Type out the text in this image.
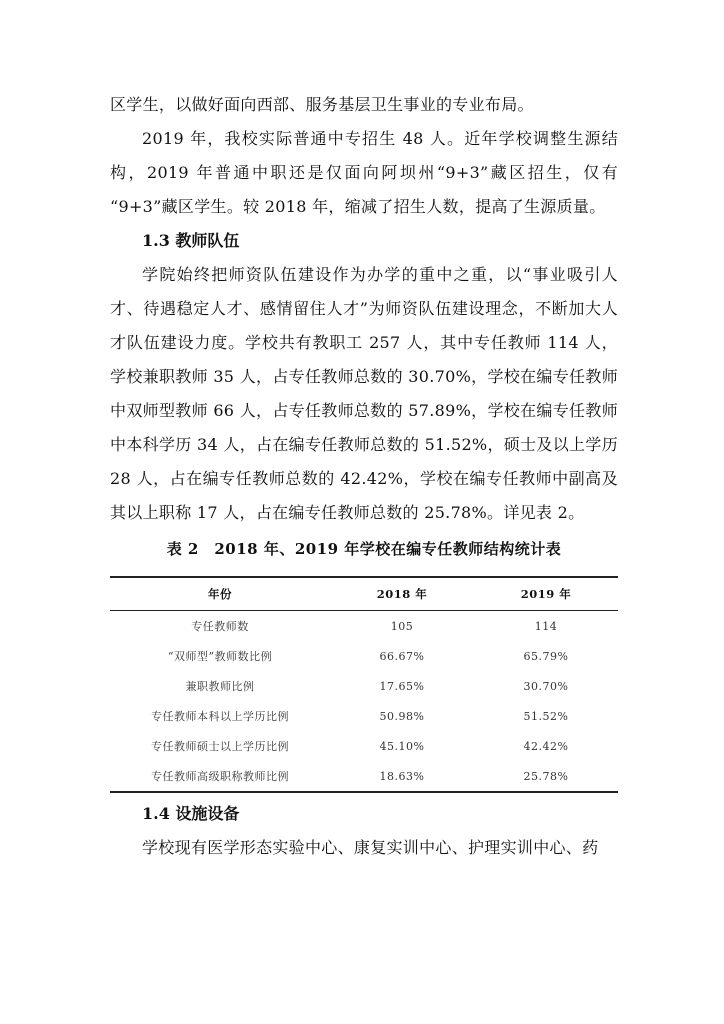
区学生，以做好面向西部、服务基层卫生事业的专业布局。

2019 年，我校实际普通中专招生 48 人。近年学校调整生源结构，2019 年普通中职还是仅面向阿坝州“9+3”藏区招生，仅有 “9+3”藏区学生。较 2018 年，缩减了招生人数，提高了生源质量。

1.3 教师队伍

学院始终把师资队伍建设作为办学的重中之重，以“事业吸引人才、待遇稳定人才、感情留住人才”为师资队伍建设理念，不断加大人才队伍建设力度。学校共有教职工 257 人，其中专任教师 114 人，学校兼职教师 35 人，占专任教师总数的 30.70%，学校在编专任教师中双师型教师 66 人，占专任教师总数的 57.89%，学校在编专任教师中本科学历 34 人，占在编专任教师总数的 51.52%，硕士及以上学历 28 人，占在编专任教师总数的 42.42%，学校在编专任教师中副高及其以上职称 17 人，占在编专任教师总数的 25.78%。详见表 2。

表 2　2018 年、2019 年学校在编专任教师结构统计表
年份	2018 年	2019 年
专任教师数	105	114
“双师型”教师数比例	66.67%	65.79%
兼职教师比例	17.65%	30.70%
专任教师本科以上学历比例	50.98%	51.52%
专任教师硕士以上学历比例	45.10%	42.42%
专任教师高级职称教师比例	18.63%	25.78%
1.4 设施设备

学校现有医学形态实验中心、康复实训中心、护理实训中心、药
